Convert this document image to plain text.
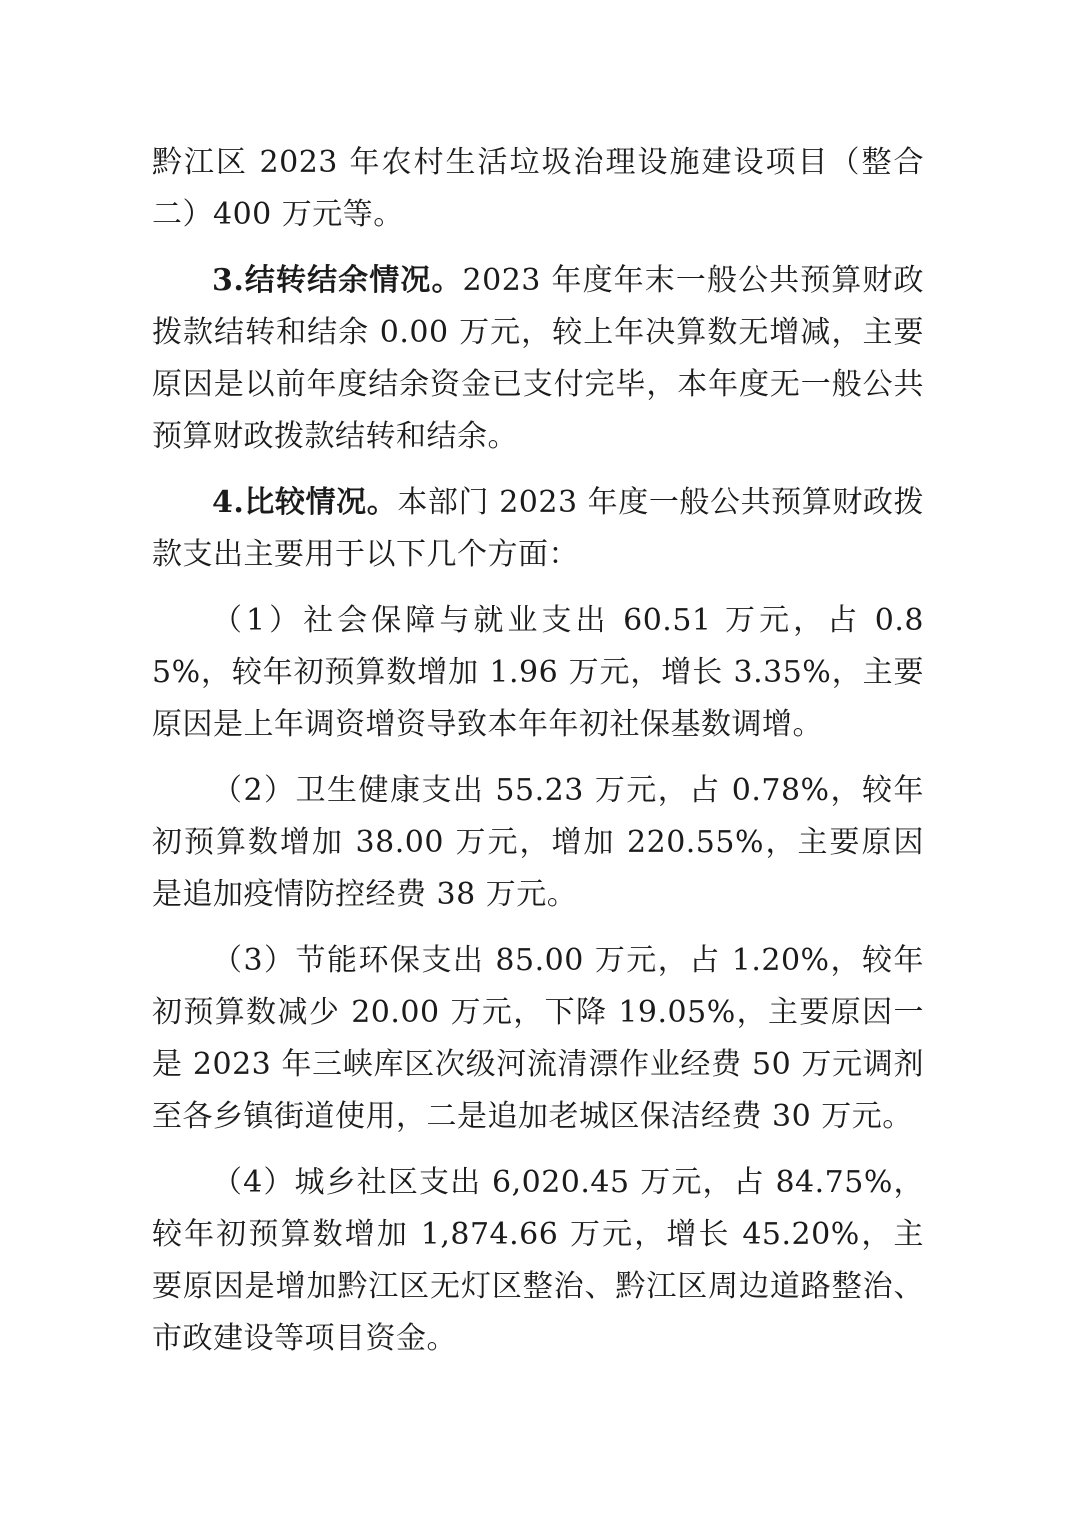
黔江区 2023 年农村生活垃圾治理设施建设项目（整合二）400 万元等。

3.结转结余情况。2023 年度年末一般公共预算财政拨款结转和结余 0.00 万元，较上年决算数无增减，主要原因是以前年度结余资金已支付完毕，本年度无一般公共预算财政拨款结转和结余。

4.比较情况。本部门 2023 年度一般公共预算财政拨款支出主要用于以下几个方面：

（1）社会保障与就业支出 60.51 万元，占 0.85%，较年初预算数增加 1.96 万元，增长 3.35%，主要原因是上年调资增资导致本年年初社保基数调增。

（2）卫生健康支出 55.23 万元，占 0.78%，较年初预算数增加 38.00 万元，增加 220.55%，主要原因是追加疫情防控经费 38 万元。

（3）节能环保支出 85.00 万元，占 1.20%，较年初预算数减少 20.00 万元，下降 19.05%，主要原因一是 2023 年三峡库区次级河流清漂作业经费 50 万元调剂至各乡镇街道使用，二是追加老城区保洁经费 30 万元。

（4）城乡社区支出 6,020.45 万元，占 84.75%，较年初预算数增加 1,874.66 万元，增长 45.20%，主要原因是增加黔江区无灯区整治、黔江区周边道路整治、市政建设等项目资金。
